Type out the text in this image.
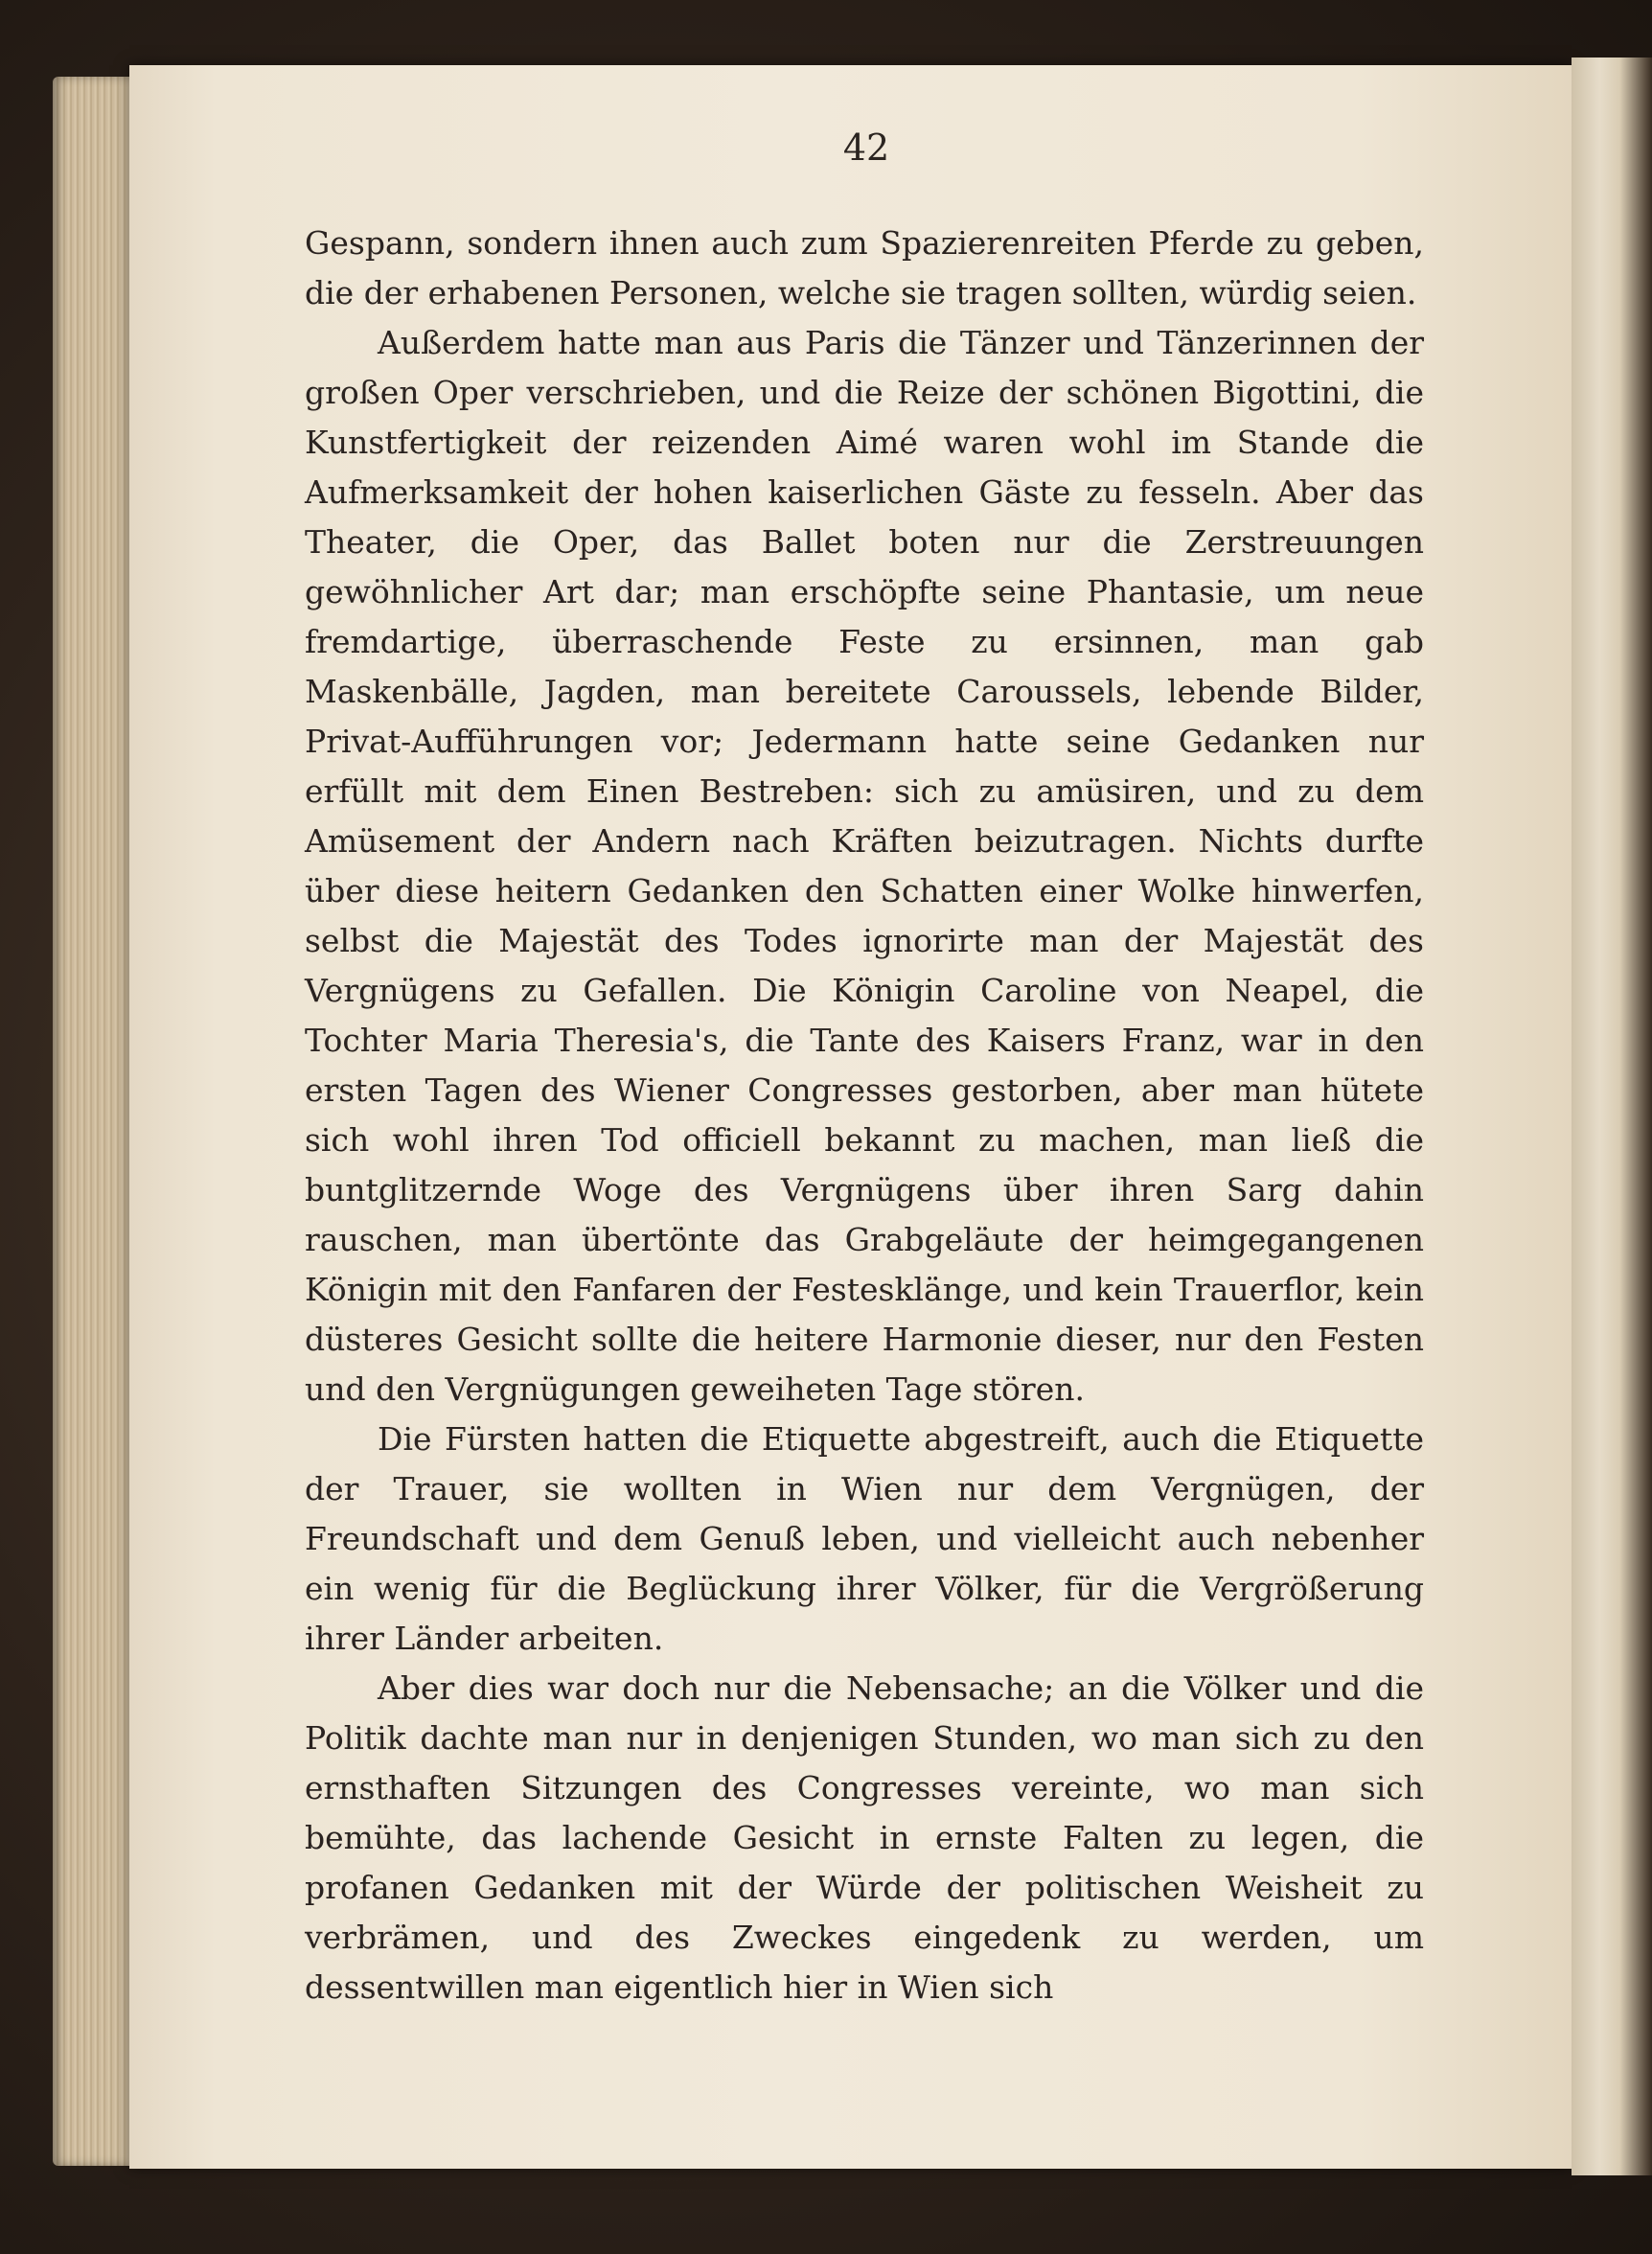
42

Gespann, sondern ihnen auch zum Spazierenreiten Pferde zu geben, die der erhabenen Personen, welche sie tragen sollten, würdig seien.

Außerdem hatte man aus Paris die Tänzer und Tänzerinnen der großen Oper verschrieben, und die Reize der schönen Bigottini, die Kunstfertigkeit der reizenden Aimé waren wohl im Stande die Aufmerksamkeit der hohen kaiserlichen Gäste zu fesseln. Aber das Theater, die Oper, das Ballet boten nur die Zerstreuungen gewöhnlicher Art dar; man erschöpfte seine Phantasie, um neue fremdartige, überraschende Feste zu ersinnen, man gab Maskenbälle, Jagden, man bereitete Caroussels, lebende Bilder, Privat-Aufführungen vor; Jedermann hatte seine Gedanken nur erfüllt mit dem Einen Bestreben: sich zu amüsiren, und zu dem Amüsement der Andern nach Kräften beizutragen. Nichts durfte über diese heitern Gedanken den Schatten einer Wolke hinwerfen, selbst die Majestät des Todes ignorirte man der Majestät des Vergnügens zu Gefallen. Die Königin Caroline von Neapel, die Tochter Maria Theresia's, die Tante des Kaisers Franz, war in den ersten Tagen des Wiener Congresses gestorben, aber man hütete sich wohl ihren Tod officiell bekannt zu machen, man ließ die buntglitzernde Woge des Vergnügens über ihren Sarg dahin rauschen, man übertönte das Grabgeläute der heimgegangenen Königin mit den Fanfaren der Festesklänge, und kein Trauerflor, kein düsteres Gesicht sollte die heitere Harmonie dieser, nur den Festen und den Vergnügungen geweiheten Tage stören.

Die Fürsten hatten die Etiquette abgestreift, auch die Etiquette der Trauer, sie wollten in Wien nur dem Vergnügen, der Freundschaft und dem Genuß leben, und vielleicht auch nebenher ein wenig für die Beglückung ihrer Völker, für die Vergrößerung ihrer Länder arbeiten.

Aber dies war doch nur die Nebensache; an die Völker und die Politik dachte man nur in denjenigen Stunden, wo man sich zu den ernsthaften Sitzungen des Congresses vereinte, wo man sich bemühte, das lachende Gesicht in ernste Falten zu legen, die profanen Gedanken mit der Würde der politischen Weisheit zu verbrämen, und des Zweckes eingedenk zu werden, um dessentwillen man eigentlich hier in Wien sich
